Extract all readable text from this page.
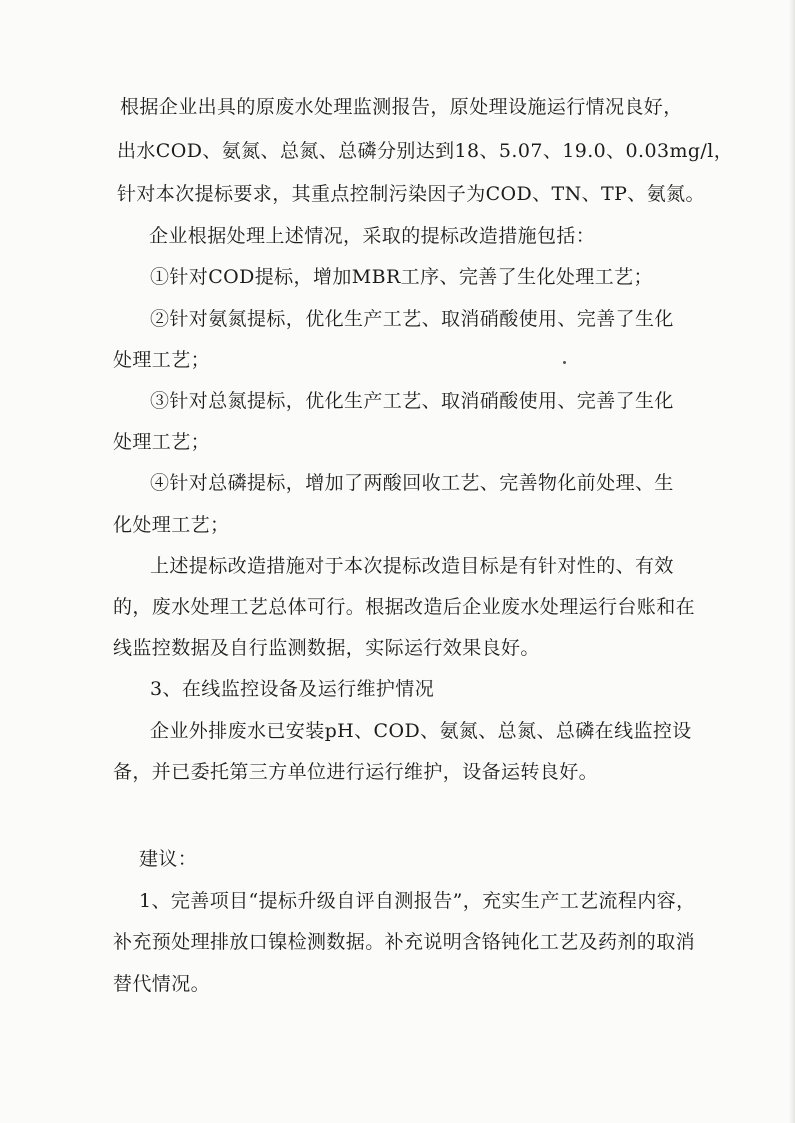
根据企业出具的原废水处理监测报告，原处理设施运行情况良好，
出水COD、氨氮、总氮、总磷分别达到18、5.07、19.0、0.03mg/l，
针对本次提标要求，其重点控制污染因子为COD、TN、TP、氨氮。
企业根据处理上述情况，采取的提标改造措施包括：
①针对COD提标，增加MBR工序、完善了生化处理工艺；
②针对氨氮提标，优化生产工艺、取消硝酸使用、完善了生化
处理工艺；
③针对总氮提标，优化生产工艺、取消硝酸使用、完善了生化
处理工艺；
④针对总磷提标，增加了两酸回收工艺、完善物化前处理、生
化处理工艺；
上述提标改造措施对于本次提标改造目标是有针对性的、有效
的，废水处理工艺总体可行。根据改造后企业废水处理运行台账和在
线监控数据及自行监测数据，实际运行效果良好。
3、在线监控设备及运行维护情况
企业外排废水已安装pH、COD、氨氮、总氮、总磷在线监控设
备，并已委托第三方单位进行运行维护，设备运转良好。
建议：
1、完善项目“提标升级自评自测报告”，充实生产工艺流程内容，
补充预处理排放口镍检测数据。补充说明含铬钝化工艺及药剂的取消
替代情况。
